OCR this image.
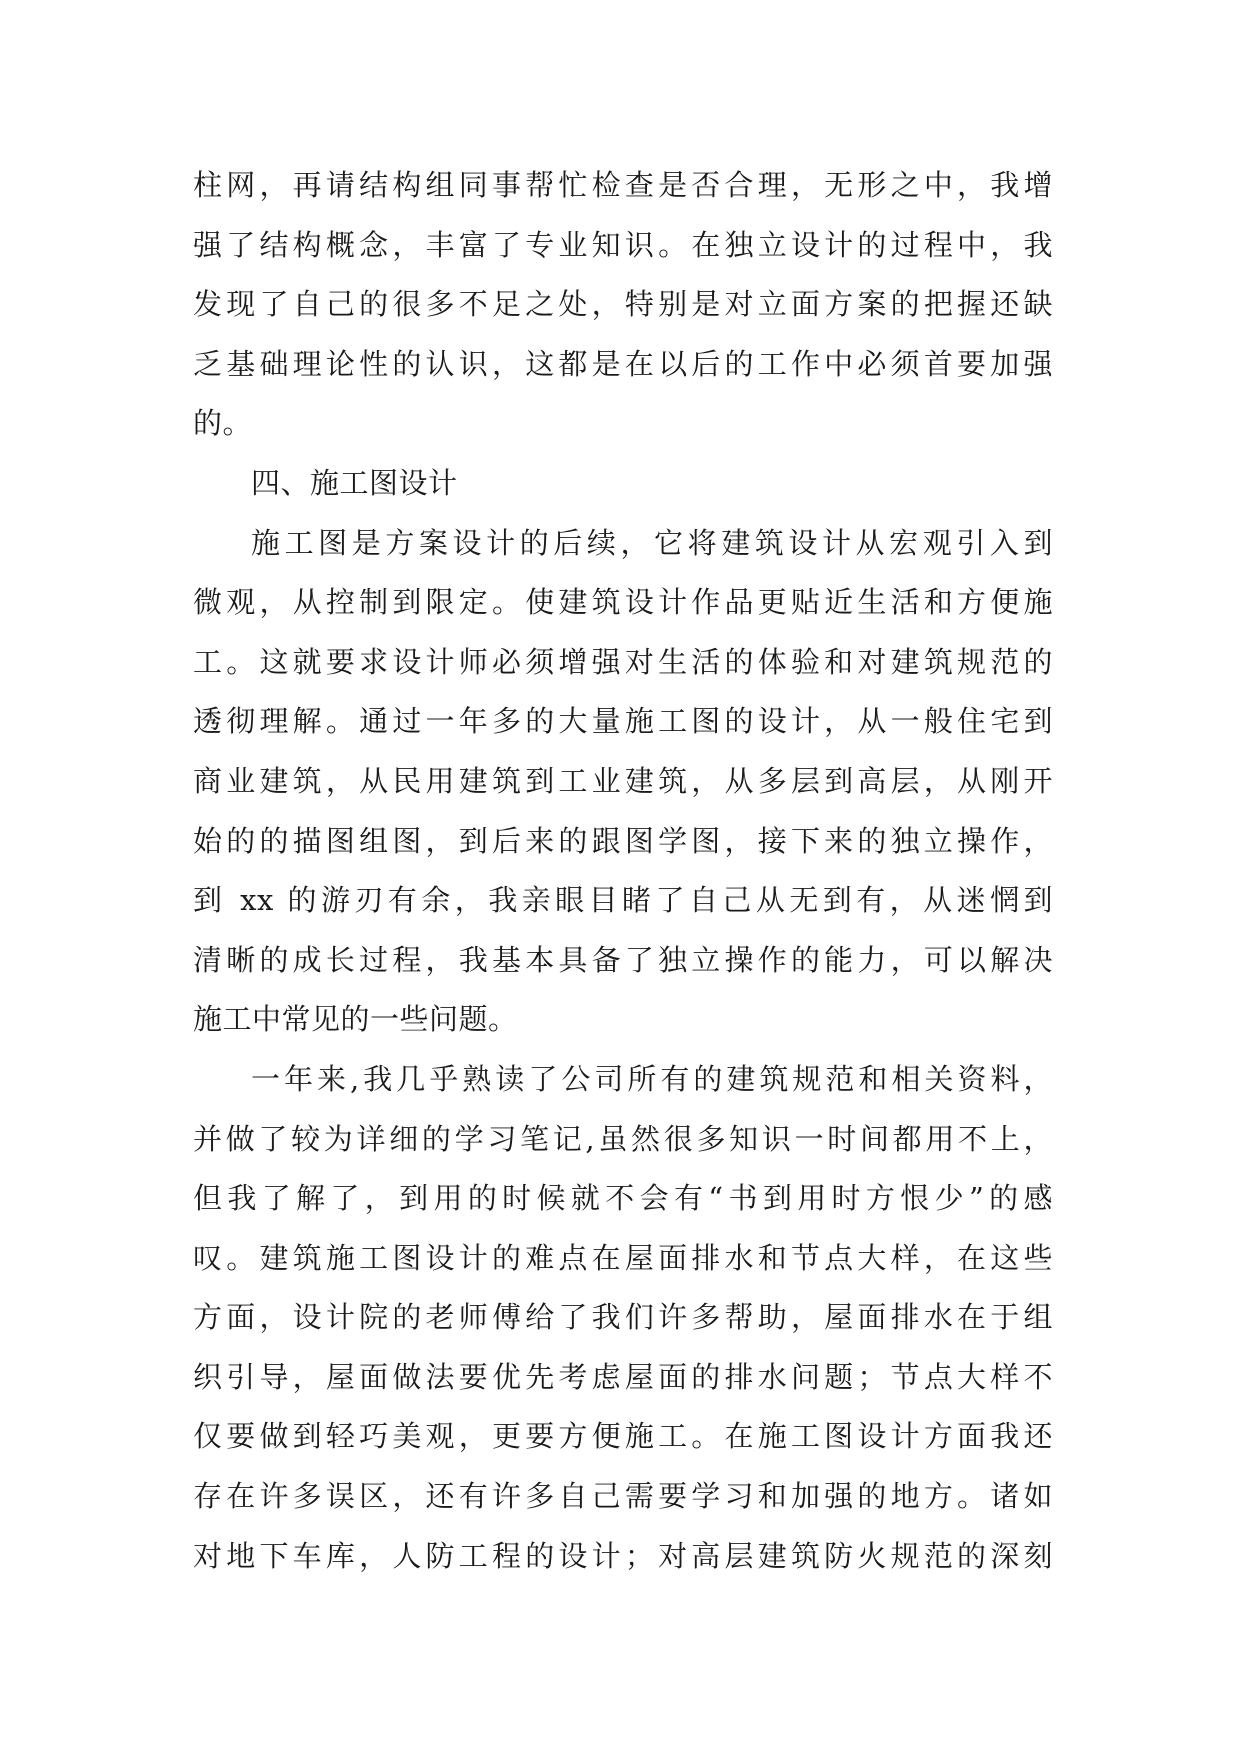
柱网，再请结构组同事帮忙检查是否合理，无形之中，我增
强了结构概念，丰富了专业知识。在独立设计的过程中，我
发现了自己的很多不足之处，特别是对立面方案的把握还缺
乏基础理论性的认识，这都是在以后的工作中必须首要加强
的。
四、施工图设计
施工图是方案设计的后续，它将建筑设计从宏观引入到
微观，从控制到限定。使建筑设计作品更贴近生活和方便施
工。这就要求设计师必须增强对生活的体验和对建筑规范的
透彻理解。通过一年多的大量施工图的设计，从一般住宅到
商业建筑，从民用建筑到工业建筑，从多层到高层，从刚开
始的的描图组图，到后来的跟图学图，接下来的独立操作，
到 xx 的游刃有余，我亲眼目睹了自己从无到有，从迷惘到
清晰的成长过程，我基本具备了独立操作的能力，可以解决
施工中常见的一些问题。
一年来,我几乎熟读了公司所有的建筑规范和相关资料，
并做了较为详细的学习笔记,虽然很多知识一时间都用不上，
但我了解了，到用的时候就不会有“书到用时方恨少”的感
叹。建筑施工图设计的难点在屋面排水和节点大样，在这些
方面，设计院的老师傅给了我们许多帮助，屋面排水在于组
织引导，屋面做法要优先考虑屋面的排水问题；节点大样不
仅要做到轻巧美观，更要方便施工。在施工图设计方面我还
存在许多误区，还有许多自己需要学习和加强的地方。诸如
对地下车库，人防工程的设计；对高层建筑防火规范的深刻
